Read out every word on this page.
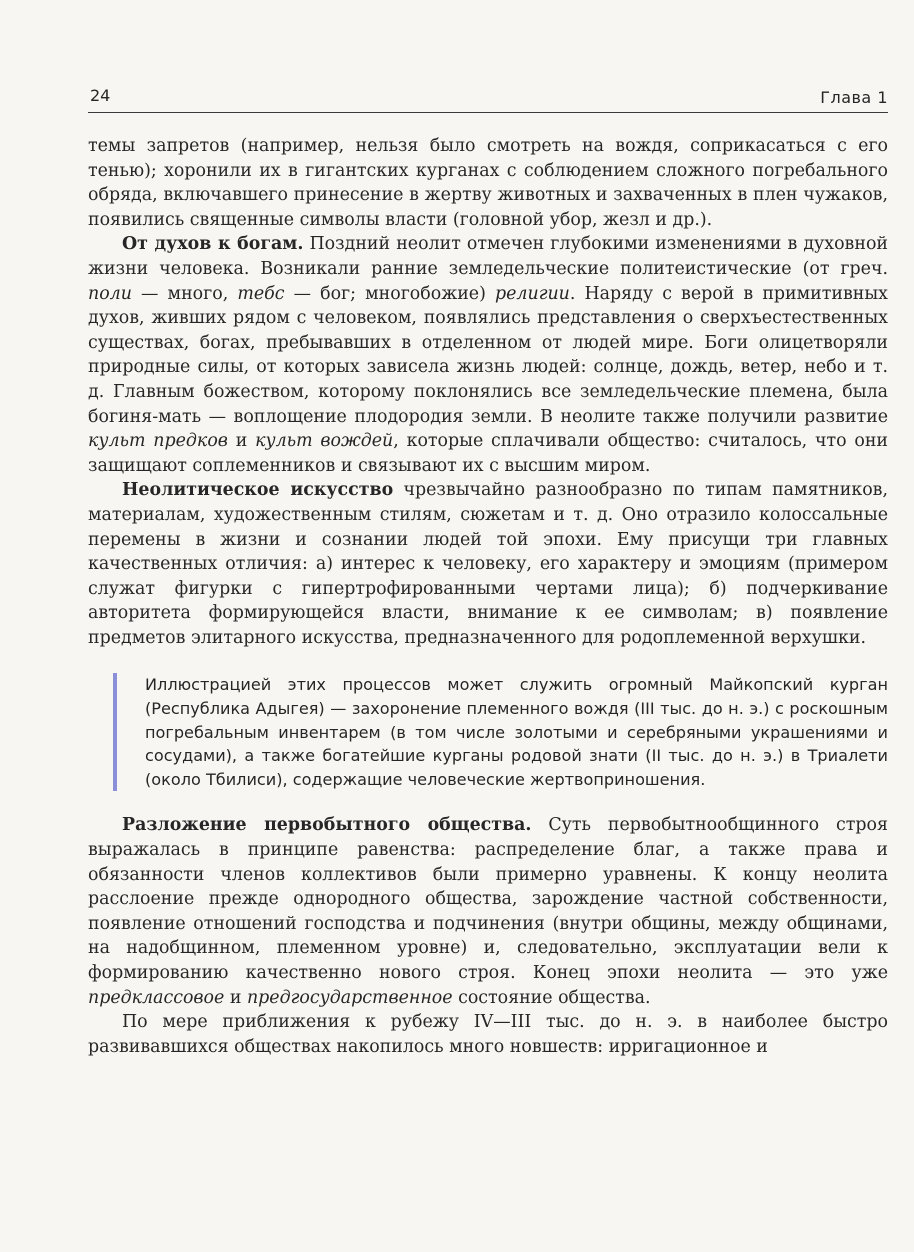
24	Глава 1

темы запретов (например, нельзя было смотреть на вождя, соприкасаться с его тенью); хоронили их в гигантских курганах с соблюдением сложного погребального обряда, включавшего принесение в жертву животных и захваченных в плен чужаков, появились священные символы власти (головной убор, жезл и др.).

От духов к богам. Поздний неолит отмечен глубокими изменениями в духовной жизни человека. Возникали ранние земледельческие политеистические (от греч. поли — много, тебс — бог; многобожие) религии. Наряду с верой в примитивных духов, живших рядом с человеком, появлялись представления о сверхъестественных существах, богах, пребывавших в отделенном от людей мире. Боги олицетворяли природные силы, от которых зависела жизнь людей: солнце, дождь, ветер, небо и т. д. Главным божеством, которому поклонялись все земледельческие племена, была богиня-мать — воплощение плодородия земли. В неолите также получили развитие культ предков и культ вождей, которые сплачивали общество: считалось, что они защищают соплеменников и связывают их с высшим миром.

Неолитическое искусство чрезвычайно разнообразно по типам памятников, материалам, художественным стилям, сюжетам и т. д. Оно отразило колоссальные перемены в жизни и сознании людей той эпохи. Ему присущи три главных качественных отличия: а) интерес к человеку, его характеру и эмоциям (примером служат фигурки с гипертрофированными чертами лица); б) подчеркивание авторитета формирующейся власти, внимание к ее символам; в) появление предметов элитарного искусства, предназначенного для родоплеменной верхушки.

Иллюстрацией этих процессов может служить огромный Майкопский курган (Республика Адыгея) — захоронение племенного вождя (III тыс. до н. э.) с роскошным погребальным инвентарем (в том числе золотыми и серебряными украшениями и сосудами), а также богатейшие курганы родовой знати (II тыс. до н. э.) в Триалети (около Тбилиси), содержащие человеческие жертвоприношения.

Разложение первобытного общества. Суть первобытнообщинного строя выражалась в принципе равенства: распределение благ, а также права и обязанности членов коллективов были примерно уравнены. К концу неолита расслоение прежде однородного общества, зарождение частной собственности, появление отношений господства и подчинения (внутри общины, между общинами, на надобщинном, племенном уровне) и, следовательно, эксплуатации вели к формированию качественно нового строя. Конец эпохи неолита — это уже предклассовое и предгосударственное состояние общества.

По мере приближения к рубежу IV—III тыс. до н. э. в наиболее быстро развивавшихся обществах накопилось много новшеств: ирригационное и
